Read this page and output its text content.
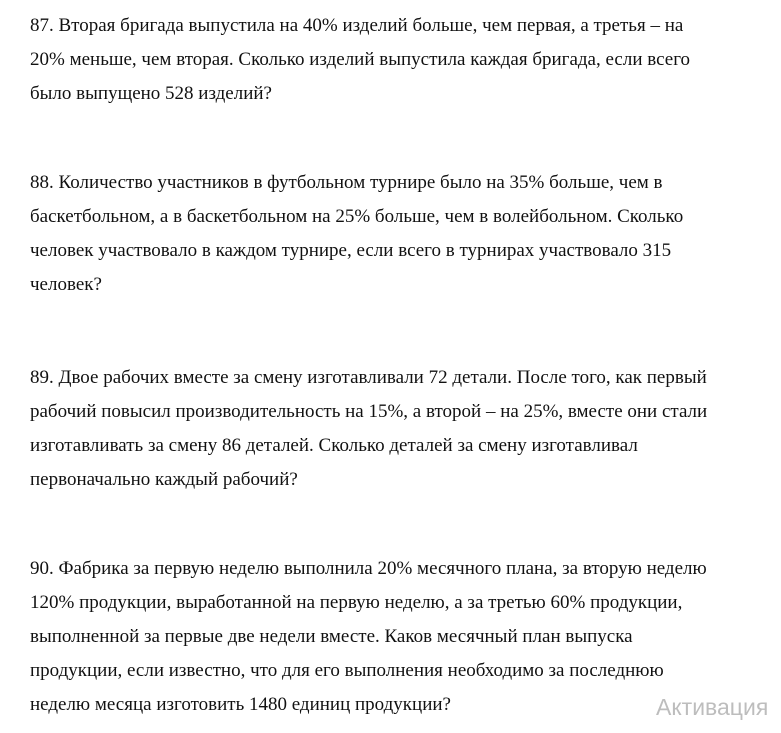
87. Вторая бригада выпустила на 40% изделий больше, чем первая, а третья – на
20% меньше, чем вторая. Сколько изделий выпустила каждая бригада, если всего
было выпущено 528 изделий?
88. Количество участников в футбольном турнире было на 35% больше, чем в
баскетбольном, а в баскетбольном на 25% больше, чем в волейбольном. Сколько
человек участвовало в каждом турнире, если всего в турнирах участвовало 315
человек?
89. Двое рабочих вместе за смену изготавливали 72 детали. После того, как первый
рабочий повысил производительность на 15%, а второй – на 25%, вместе они стали
изготавливать за смену 86 деталей. Сколько деталей за смену изготавливал
первоначально каждый рабочий?
90. Фабрика за первую неделю выполнила 20% месячного плана, за вторую неделю
120% продукции, выработанной на первую неделю, а за третью 60% продукции,
выполненной за первые две недели вместе. Каков месячный план выпуска
продукции, если известно, что для его выполнения необходимо за последнюю
неделю месяца изготовить 1480 единиц продукции?	Активация
